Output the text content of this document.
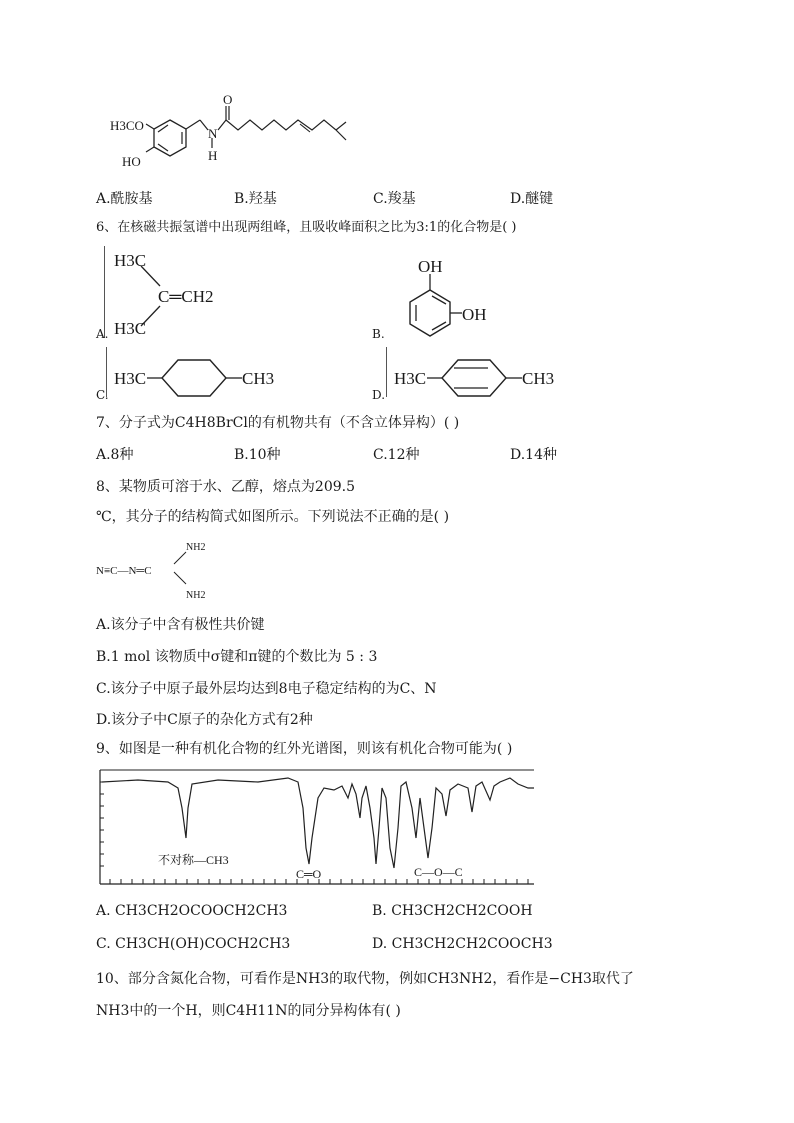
H3CO
HO
N
H
O
A.酰胺基	B.羟基	C.羧基	D.醚键
6、在核磁共振氢谱中出现两组峰，且吸收峰面积之比为3:1的化合物是( )
H3C
C═CH2
H3C
A.
OH
OH
B.
H3C	CH3
C.
H3C	CH3
D.
7、分子式为C4H8BrCl的有机物共有（不含立体异构）( )
A.8种	B.10种	C.12种	D.14种
8、某物质可溶于水、乙醇，熔点为209.5
℃，其分子的结构简式如图所示。下列说法不正确的是( )
N≡C—N═C
NH2
NH2
A.该分子中含有极性共价键
B.1 mol 该物质中σ键和π键的个数比为 5 : 3
C.该分子中原子最外层均达到8电子稳定结构的为C、N
D.该分子中C原子的杂化方式有2种
9、如图是一种有机化合物的红外光谱图，则该有机化合物可能为( )
不对称—CH3
C═O	C—O—C
A. CH3CH2OCOOCH2CH3	B. CH3CH2CH2COOH
C. CH3CH(OH)COCH2CH3	D. CH3CH2CH2COOCH3
10、部分含氮化合物，可看作是NH3的取代物，例如CH3NH2，看作是−CH3取代了
NH3中的一个H，则C4H11N的同分异构体有( )
